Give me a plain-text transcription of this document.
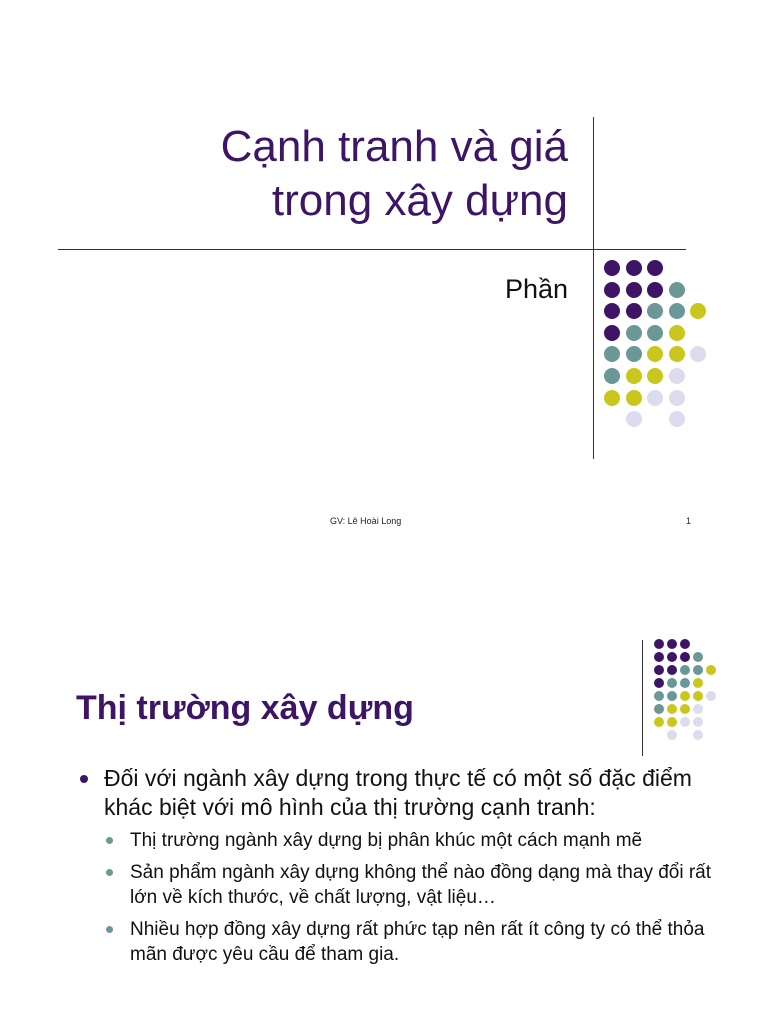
Cạnh tranh và giá
trong xây dựng
Phần
GV: Lê Hoài Long	1
Thị trường xây dựng
Đối với ngành xây dựng trong thực tế có một số đặc điểm khác biệt với mô hình của thị trường cạnh tranh:
Thị trường ngành xây dựng bị phân khúc một cách mạnh mẽ
Sản phẩm ngành xây dựng không thể nào đồng dạng mà thay đổi rất lớn về kích thước, về chất lượng, vật liệu…
Nhiều hợp đồng xây dựng rất phức tạp nên rất ít công ty có thể thỏa mãn được yêu cầu để tham gia.
